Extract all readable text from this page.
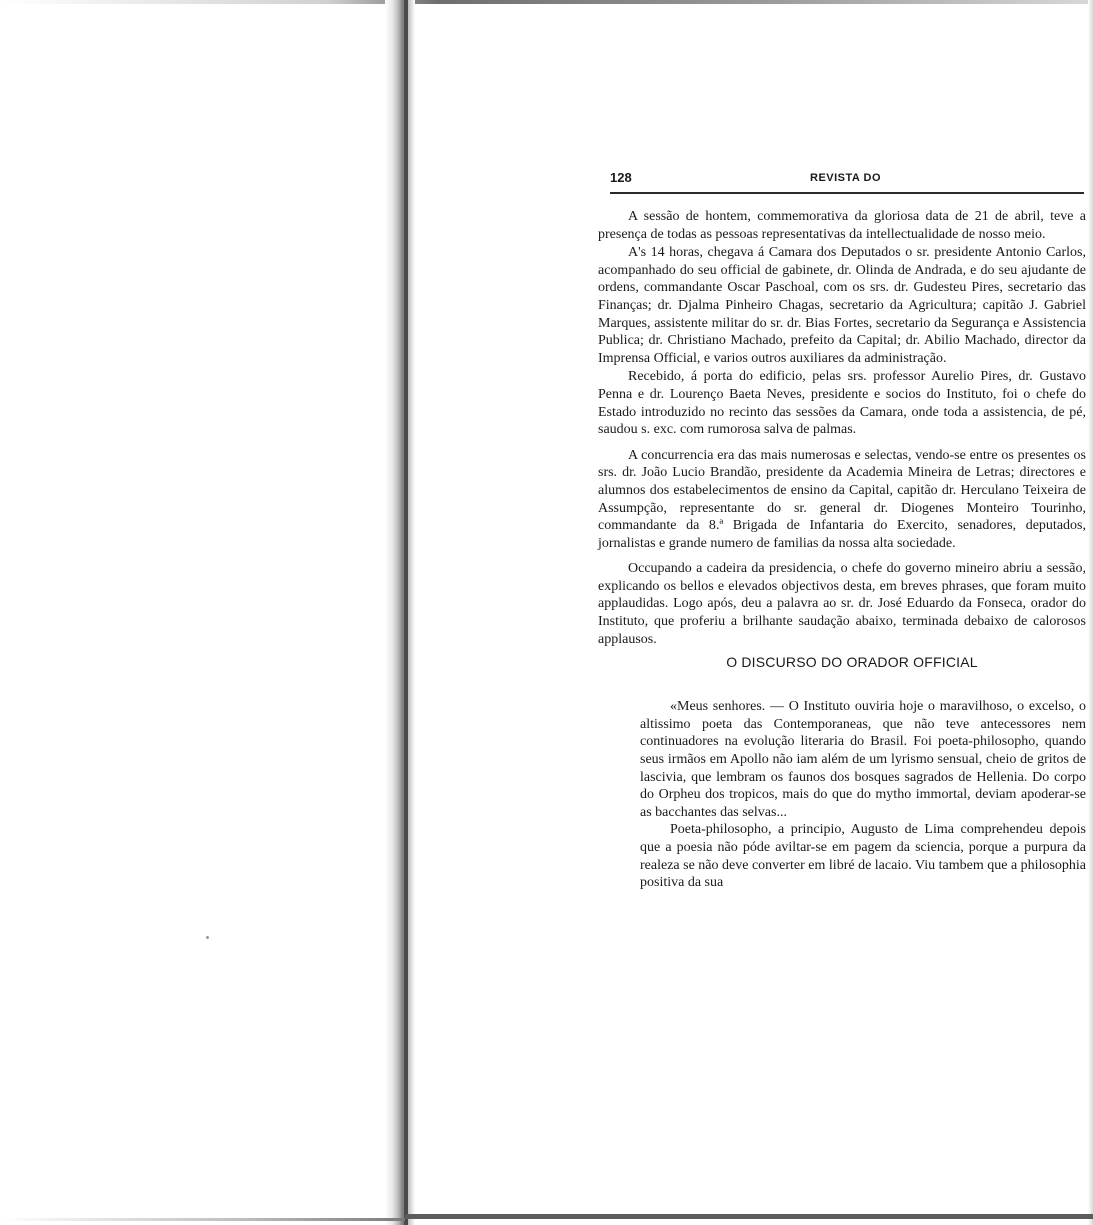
128	REVISTA DO

A sessão de hontem, commemorativa da gloriosa data de 21 de abril, teve a presença de todas as pessoas representativas da intellectualidade de nosso meio.

A's 14 horas, chegava á Camara dos Deputados o sr. presidente Antonio Carlos, acompanhado do seu official de gabinete, dr. Olinda de Andrada, e do seu ajudante de ordens, commandante Oscar Paschoal, com os srs. dr. Gudesteu Pires, secretario das Finanças; dr. Djalma Pinheiro Chagas, secretario da Agricultura; capitão J. Gabriel Marques, assistente militar do sr. dr. Bias Fortes, secretario da Segurança e Assistencia Publica; dr. Christiano Machado, prefeito da Capital; dr. Abilio Machado, director da Imprensa Official, e varios outros auxiliares da administração.

Recebido, á porta do edificio, pelas srs. professor Aurelio Pires, dr. Gustavo Penna e dr. Lourenço Baeta Neves, presidente e socios do Instituto, foi o chefe do Estado introduzido no recinto das sessões da Camara, onde toda a assistencia, de pé, saudou s. exc. com rumorosa salva de palmas.

A concurrencia era das mais numerosas e selectas, vendo-se entre os presentes os srs. dr. João Lucio Brandão, presidente da Academia Mineira de Letras; directores e alumnos dos estabelecimentos de ensino da Capital, capitão dr. Herculano Teixeira de Assumpção, representante do sr. general dr. Diogenes Monteiro Tourinho, commandante da 8.ª Brigada de Infantaria do Exercito, senadores, deputados, jornalistas e grande numero de familias da nossa alta sociedade.

Occupando a cadeira da presidencia, o chefe do governo mineiro abriu a sessão, explicando os bellos e elevados objectivos desta, em breves phrases, que foram muito applaudidas. Logo após, deu a palavra ao sr. dr. José Eduardo da Fonseca, orador do Instituto, que proferiu a brilhante saudação abaixo, terminada debaixo de calorosos applausos.

O DISCURSO DO ORADOR OFFICIAL

«Meus senhores. — O Instituto ouviria hoje o maravilhoso, o excelso, o altissimo poeta das Contemporaneas, que não teve antecessores nem continuadores na evolução literaria do Brasil. Foi poeta-philosopho, quando seus irmãos em Apollo não iam além de um lyrismo sensual, cheio de gritos de lascivia, que lembram os faunos dos bosques sagrados de Hellenia. Do corpo do Orpheu dos tropicos, mais do que do mytho immortal, deviam apoderar-se as bacchantes das selvas...

Poeta-philosopho, a principio, Augusto de Lima comprehendeu depois que a poesia não póde aviltar-se em pagem da sciencia, porque a purpura da realeza se não deve converter em libré de lacaio. Viu tambem que a philosophia positiva da sua
